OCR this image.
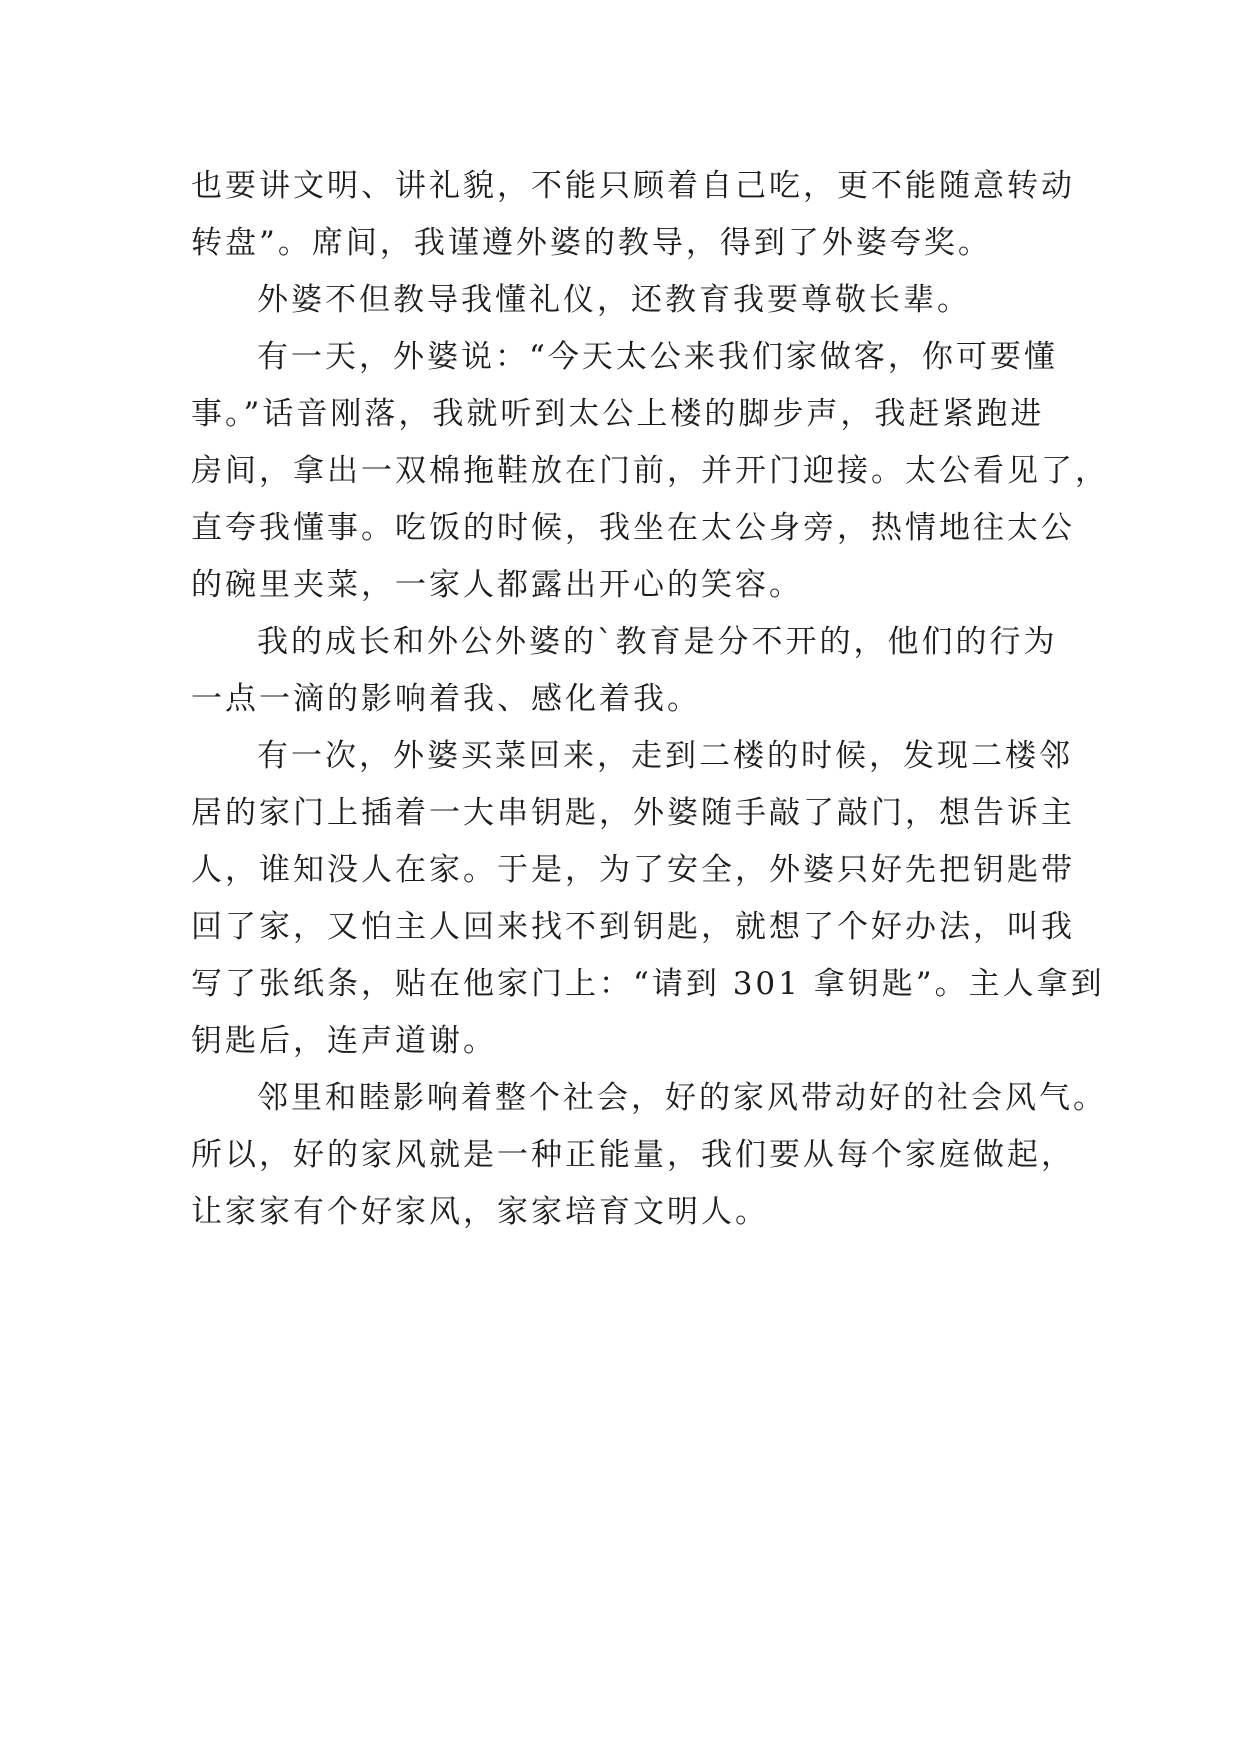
也要讲文明、讲礼貌，不能只顾着自己吃，更不能随意转动
转盘”。席间，我谨遵外婆的教导，得到了外婆夸奖。

外婆不但教导我懂礼仪，还教育我要尊敬长辈。

有一天，外婆说：“今天太公来我们家做客，你可要懂
事。”话音刚落，我就听到太公上楼的脚步声，我赶紧跑进
房间，拿出一双棉拖鞋放在门前，并开门迎接。太公看见了，
直夸我懂事。吃饭的时候，我坐在太公身旁，热情地往太公
的碗里夹菜，一家人都露出开心的笑容。

我的成长和外公外婆的`教育是分不开的，他们的行为
一点一滴的影响着我、感化着我。

有一次，外婆买菜回来，走到二楼的时候，发现二楼邻
居的家门上插着一大串钥匙，外婆随手敲了敲门，想告诉主
人，谁知没人在家。于是，为了安全，外婆只好先把钥匙带
回了家，又怕主人回来找不到钥匙，就想了个好办法，叫我
写了张纸条，贴在他家门上：“请到 301 拿钥匙”。主人拿到
钥匙后，连声道谢。

邻里和睦影响着整个社会，好的家风带动好的社会风气。
所以，好的家风就是一种正能量，我们要从每个家庭做起，
让家家有个好家风，家家培育文明人。
